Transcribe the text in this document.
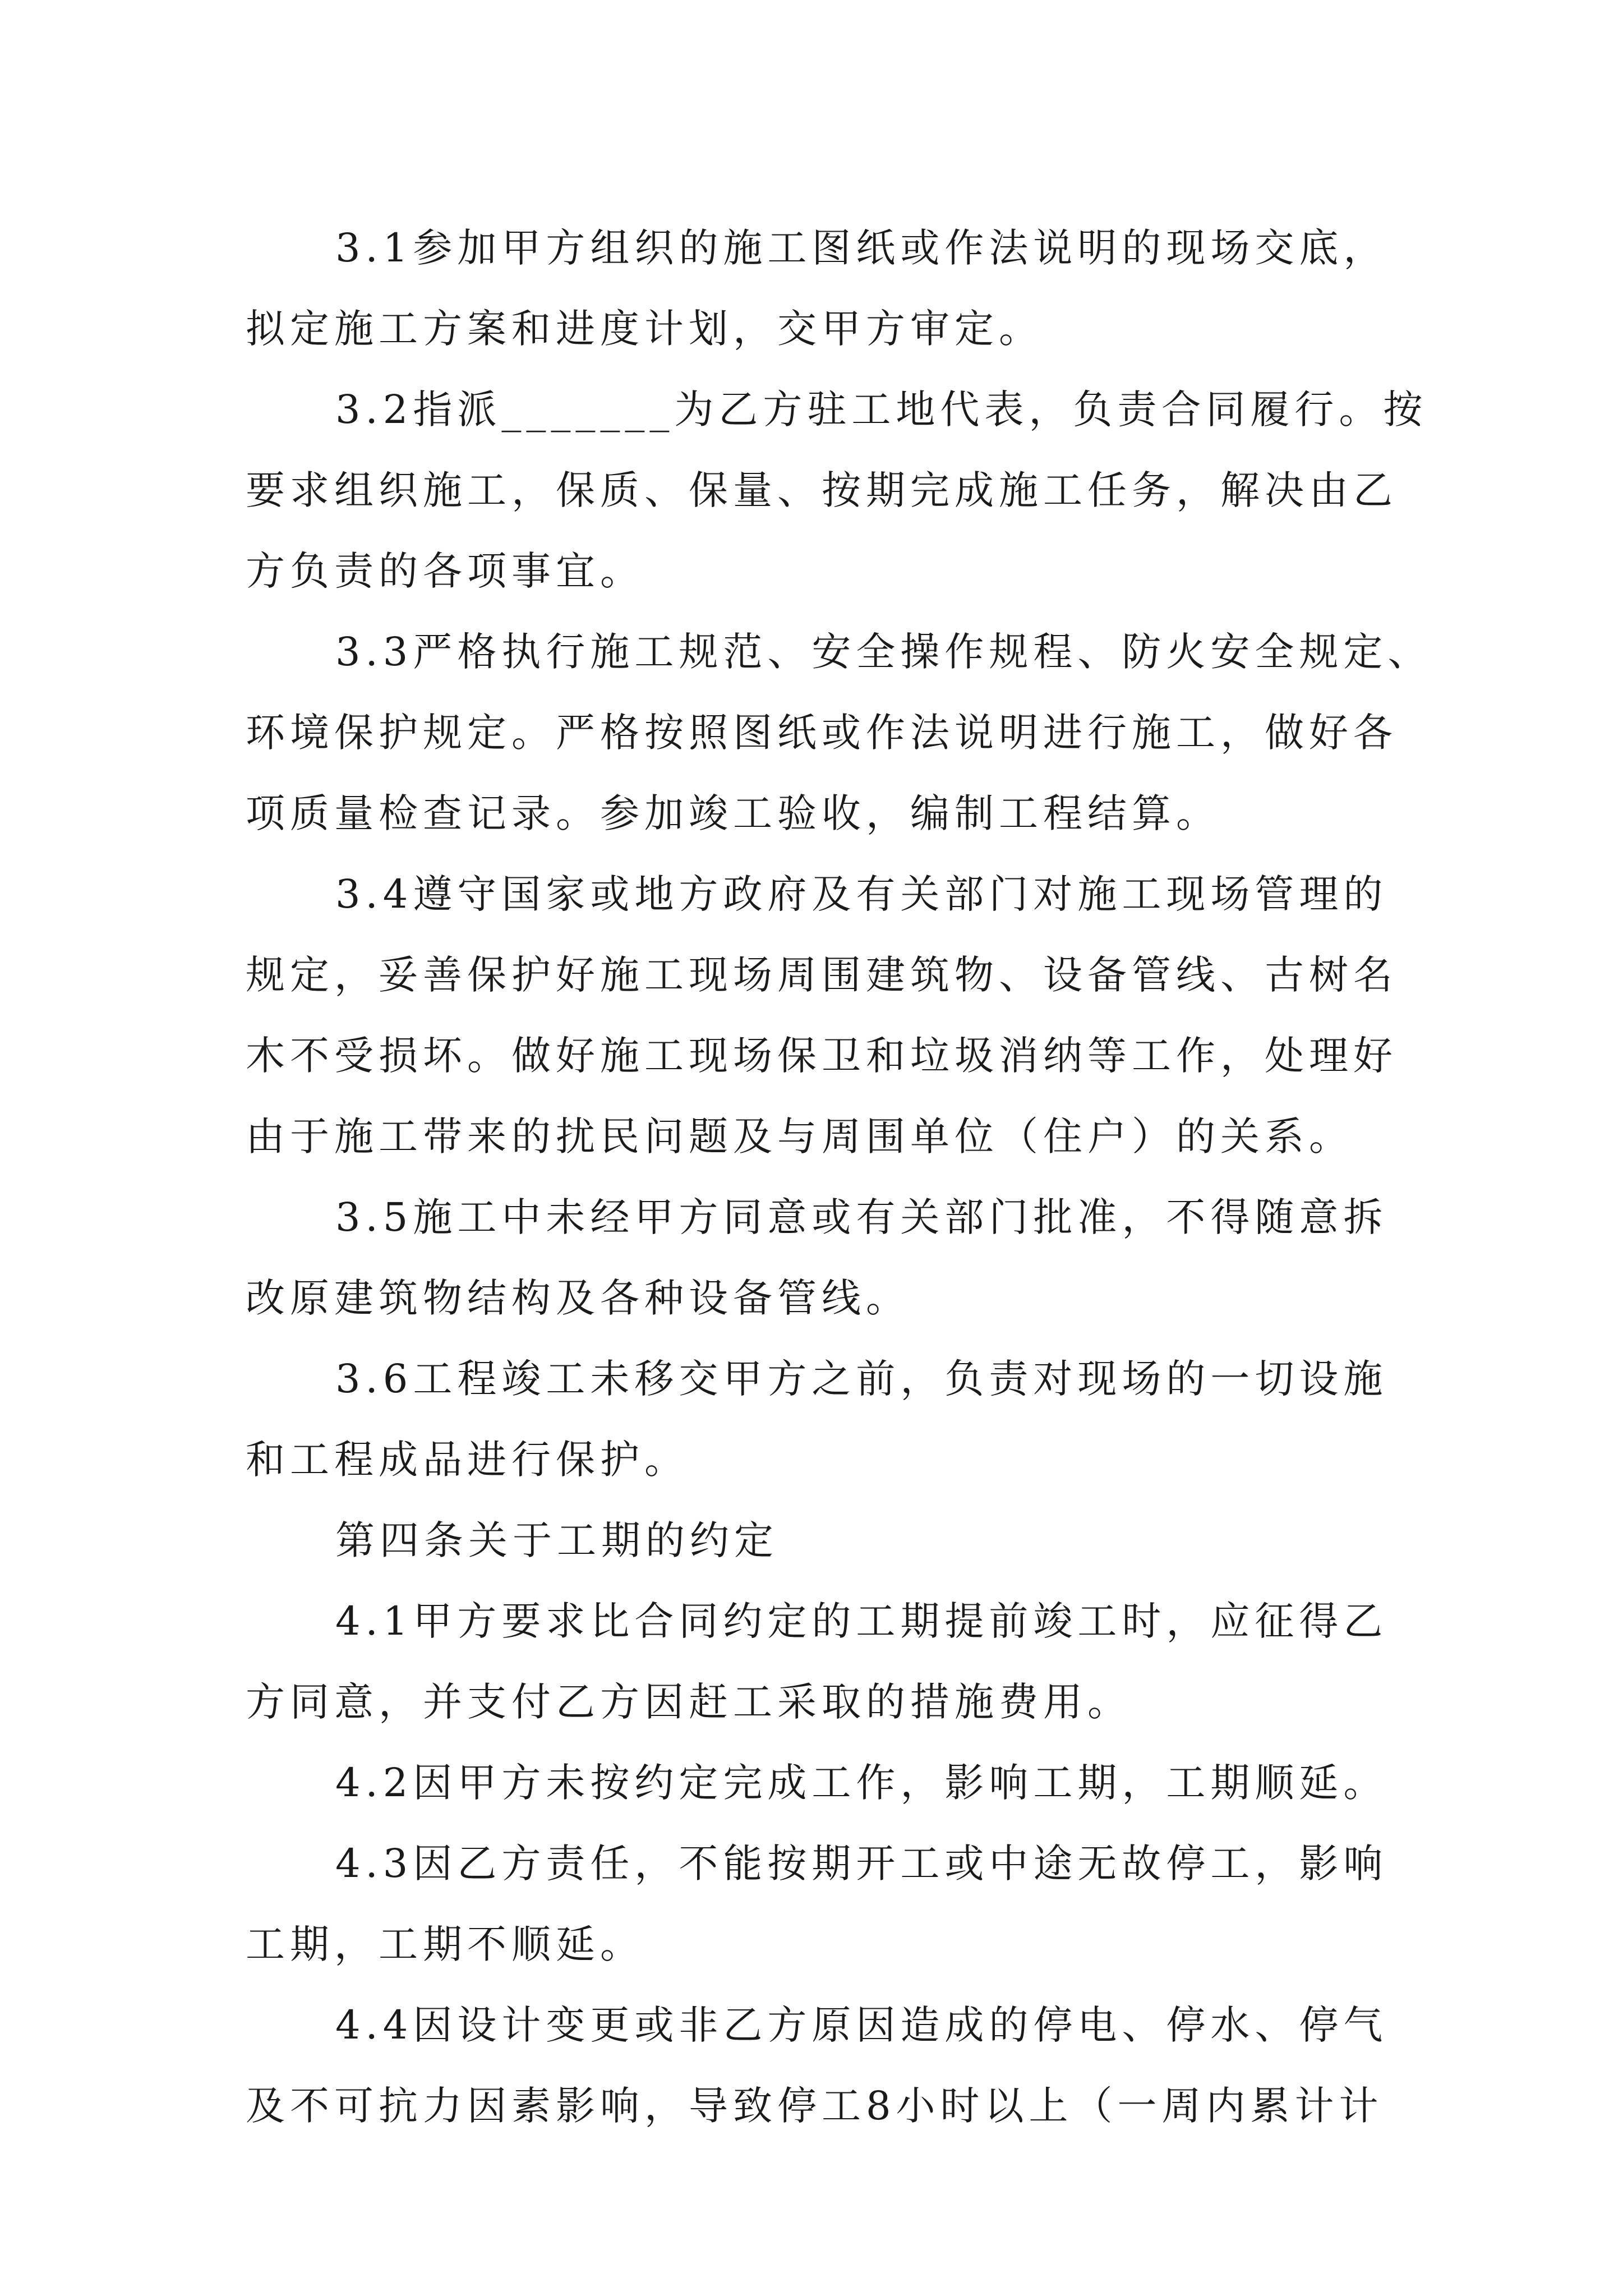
3.1参加甲方组织的施工图纸或作法说明的现场交底，
拟定施工方案和进度计划，交甲方审定。
3.2指派_______为乙方驻工地代表，负责合同履行。按
要求组织施工，保质、保量、按期完成施工任务，解决由乙
方负责的各项事宜。
3.3严格执行施工规范、安全操作规程、防火安全规定、
环境保护规定。严格按照图纸或作法说明进行施工，做好各
项质量检查记录。参加竣工验收，编制工程结算。
3.4遵守国家或地方政府及有关部门对施工现场管理的
规定，妥善保护好施工现场周围建筑物、设备管线、古树名
木不受损坏。做好施工现场保卫和垃圾消纳等工作，处理好
由于施工带来的扰民问题及与周围单位（住户）的关系。
3.5施工中未经甲方同意或有关部门批准，不得随意拆
改原建筑物结构及各种设备管线。
3.6工程竣工未移交甲方之前，负责对现场的一切设施
和工程成品进行保护。
第四条关于工期的约定
4.1甲方要求比合同约定的工期提前竣工时，应征得乙
方同意，并支付乙方因赶工采取的措施费用。
4.2因甲方未按约定完成工作，影响工期，工期顺延。
4.3因乙方责任，不能按期开工或中途无故停工，影响
工期，工期不顺延。
4.4因设计变更或非乙方原因造成的停电、停水、停气
及不可抗力因素影响，导致停工8小时以上（一周内累计计
